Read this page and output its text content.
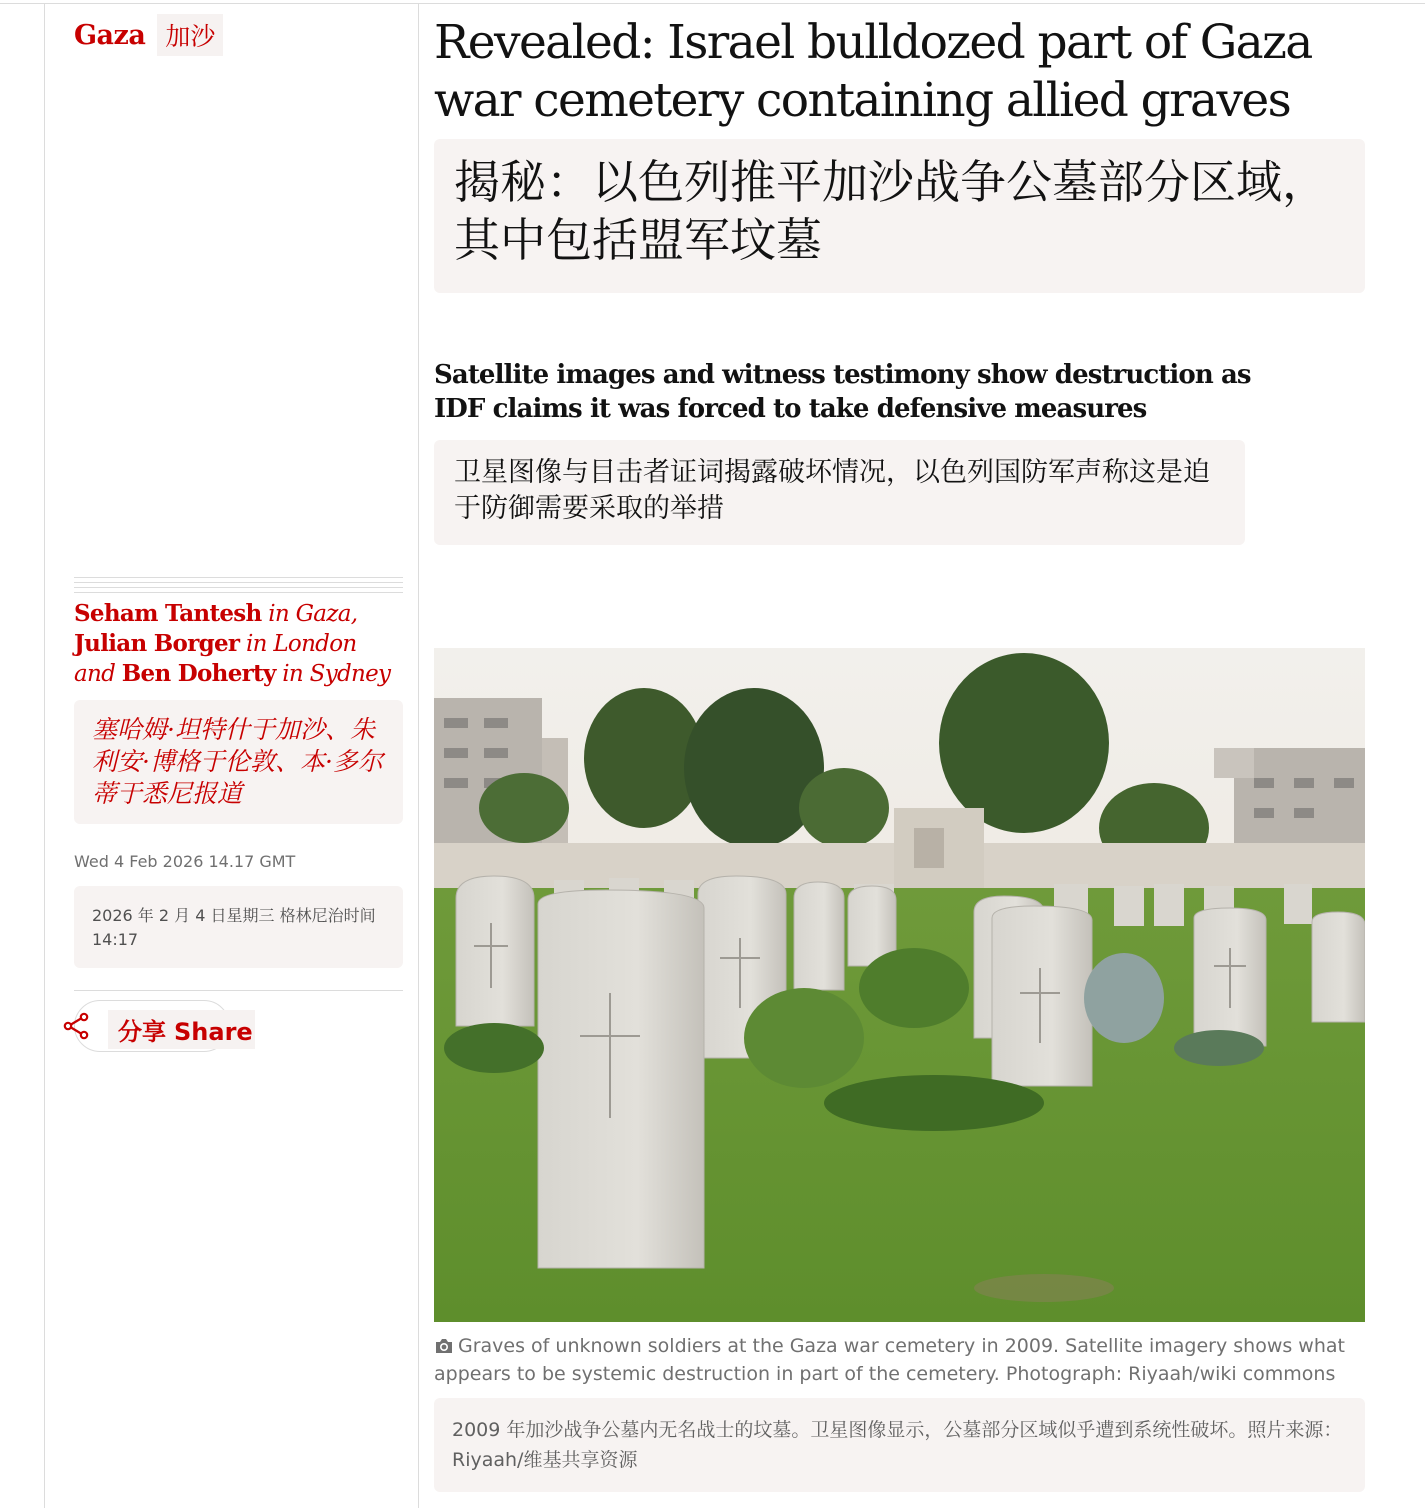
Gaza 加沙	Revealed: Israel bulldozed part of Gaza war cemetery containing allied graves
揭秘：以色列推平加沙战争公墓部分区域，其中包括盟军坟墓

Satellite images and witness testimony show destruction as IDF claims it was forced to take defensive measures

卫星图像与目击者证词揭露破坏情况，以色列国防军声称这是迫于防御需要采取的举措
Seham Tantesh in Gaza,
Julian Borger in London
and Ben Doherty in Sydney
塞哈姆·坦特什于加沙、朱利安·博格于伦敦、本·多尔蒂于悉尼报道
Wed 4 Feb 2026 14.17 GMT
2026 年 2 月 4 日星期三 格林尼治时间 14:17
分享 Share

Graves of unknown soldiers at the Gaza war cemetery in 2009. Satellite imagery shows what appears to be systemic destruction in part of the cemetery. Photograph: Riyaah/wiki commons

2009 年加沙战争公墓内无名战士的坟墓。卫星图像显示，公墓部分区域似乎遭到系统性破坏。照片来源：Riyaah/维基共享资源
